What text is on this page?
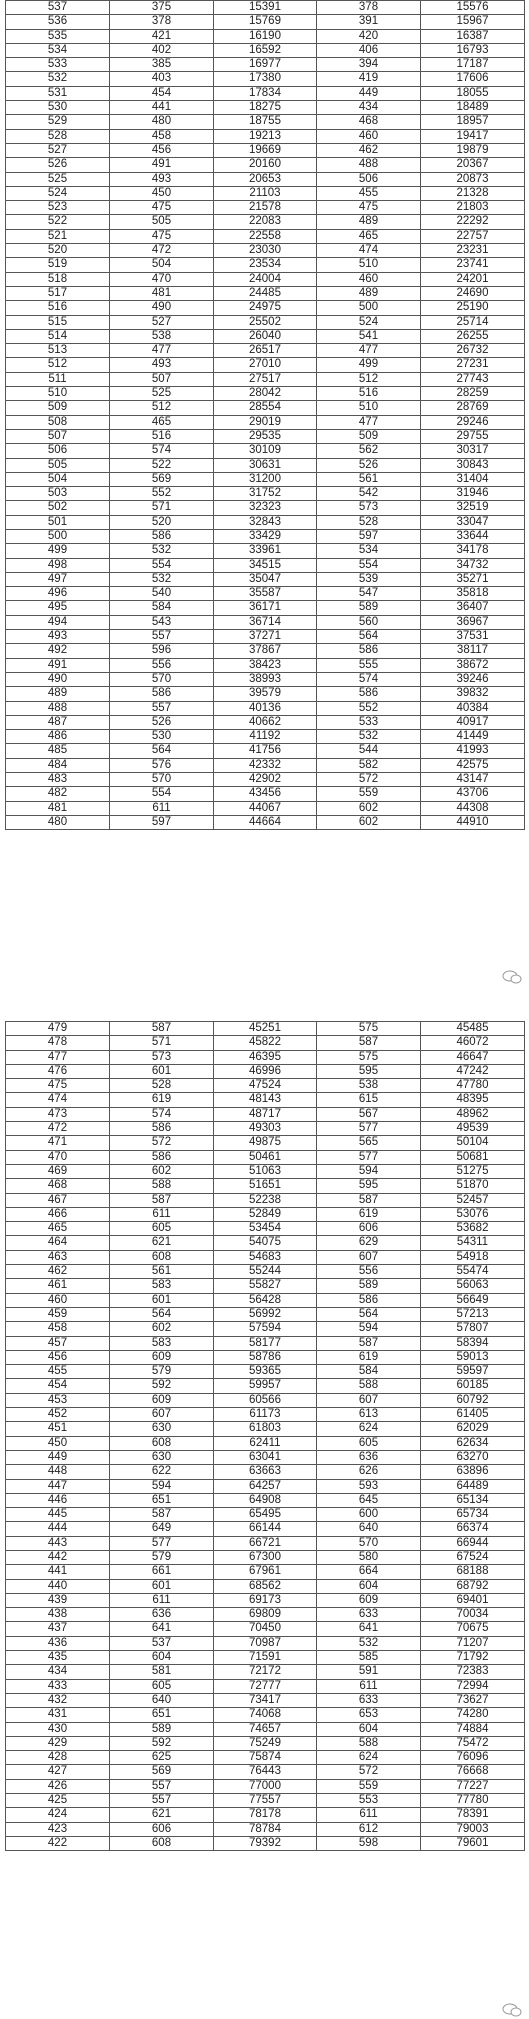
537	375	15391	378	15576
536	378	15769	391	15967
535	421	16190	420	16387
534	402	16592	406	16793
533	385	16977	394	17187
532	403	17380	419	17606
531	454	17834	449	18055
530	441	18275	434	18489
529	480	18755	468	18957
528	458	19213	460	19417
527	456	19669	462	19879
526	491	20160	488	20367
525	493	20653	506	20873
524	450	21103	455	21328
523	475	21578	475	21803
522	505	22083	489	22292
521	475	22558	465	22757
520	472	23030	474	23231
519	504	23534	510	23741
518	470	24004	460	24201
517	481	24485	489	24690
516	490	24975	500	25190
515	527	25502	524	25714
514	538	26040	541	26255
513	477	26517	477	26732
512	493	27010	499	27231
511	507	27517	512	27743
510	525	28042	516	28259
509	512	28554	510	28769
508	465	29019	477	29246
507	516	29535	509	29755
506	574	30109	562	30317
505	522	30631	526	30843
504	569	31200	561	31404
503	552	31752	542	31946
502	571	32323	573	32519
501	520	32843	528	33047
500	586	33429	597	33644
499	532	33961	534	34178
498	554	34515	554	34732
497	532	35047	539	35271
496	540	35587	547	35818
495	584	36171	589	36407
494	543	36714	560	36967
493	557	37271	564	37531
492	596	37867	586	38117
491	556	38423	555	38672
490	570	38993	574	39246
489	586	39579	586	39832
488	557	40136	552	40384
487	526	40662	533	40917
486	530	41192	532	41449
485	564	41756	544	41993
484	576	42332	582	42575
483	570	42902	572	43147
482	554	43456	559	43706
481	611	44067	602	44308
480	597	44664	602	44910
479	587	45251	575	45485
478	571	45822	587	46072
477	573	46395	575	46647
476	601	46996	595	47242
475	528	47524	538	47780
474	619	48143	615	48395
473	574	48717	567	48962
472	586	49303	577	49539
471	572	49875	565	50104
470	586	50461	577	50681
469	602	51063	594	51275
468	588	51651	595	51870
467	587	52238	587	52457
466	611	52849	619	53076
465	605	53454	606	53682
464	621	54075	629	54311
463	608	54683	607	54918
462	561	55244	556	55474
461	583	55827	589	56063
460	601	56428	586	56649
459	564	56992	564	57213
458	602	57594	594	57807
457	583	58177	587	58394
456	609	58786	619	59013
455	579	59365	584	59597
454	592	59957	588	60185
453	609	60566	607	60792
452	607	61173	613	61405
451	630	61803	624	62029
450	608	62411	605	62634
449	630	63041	636	63270
448	622	63663	626	63896
447	594	64257	593	64489
446	651	64908	645	65134
445	587	65495	600	65734
444	649	66144	640	66374
443	577	66721	570	66944
442	579	67300	580	67524
441	661	67961	664	68188
440	601	68562	604	68792
439	611	69173	609	69401
438	636	69809	633	70034
437	641	70450	641	70675
436	537	70987	532	71207
435	604	71591	585	71792
434	581	72172	591	72383
433	605	72777	611	72994
432	640	73417	633	73627
431	651	74068	653	74280
430	589	74657	604	74884
429	592	75249	588	75472
428	625	75874	624	76096
427	569	76443	572	76668
426	557	77000	559	77227
425	557	77557	553	77780
424	621	78178	611	78391
423	606	78784	612	79003
422	608	79392	598	79601
